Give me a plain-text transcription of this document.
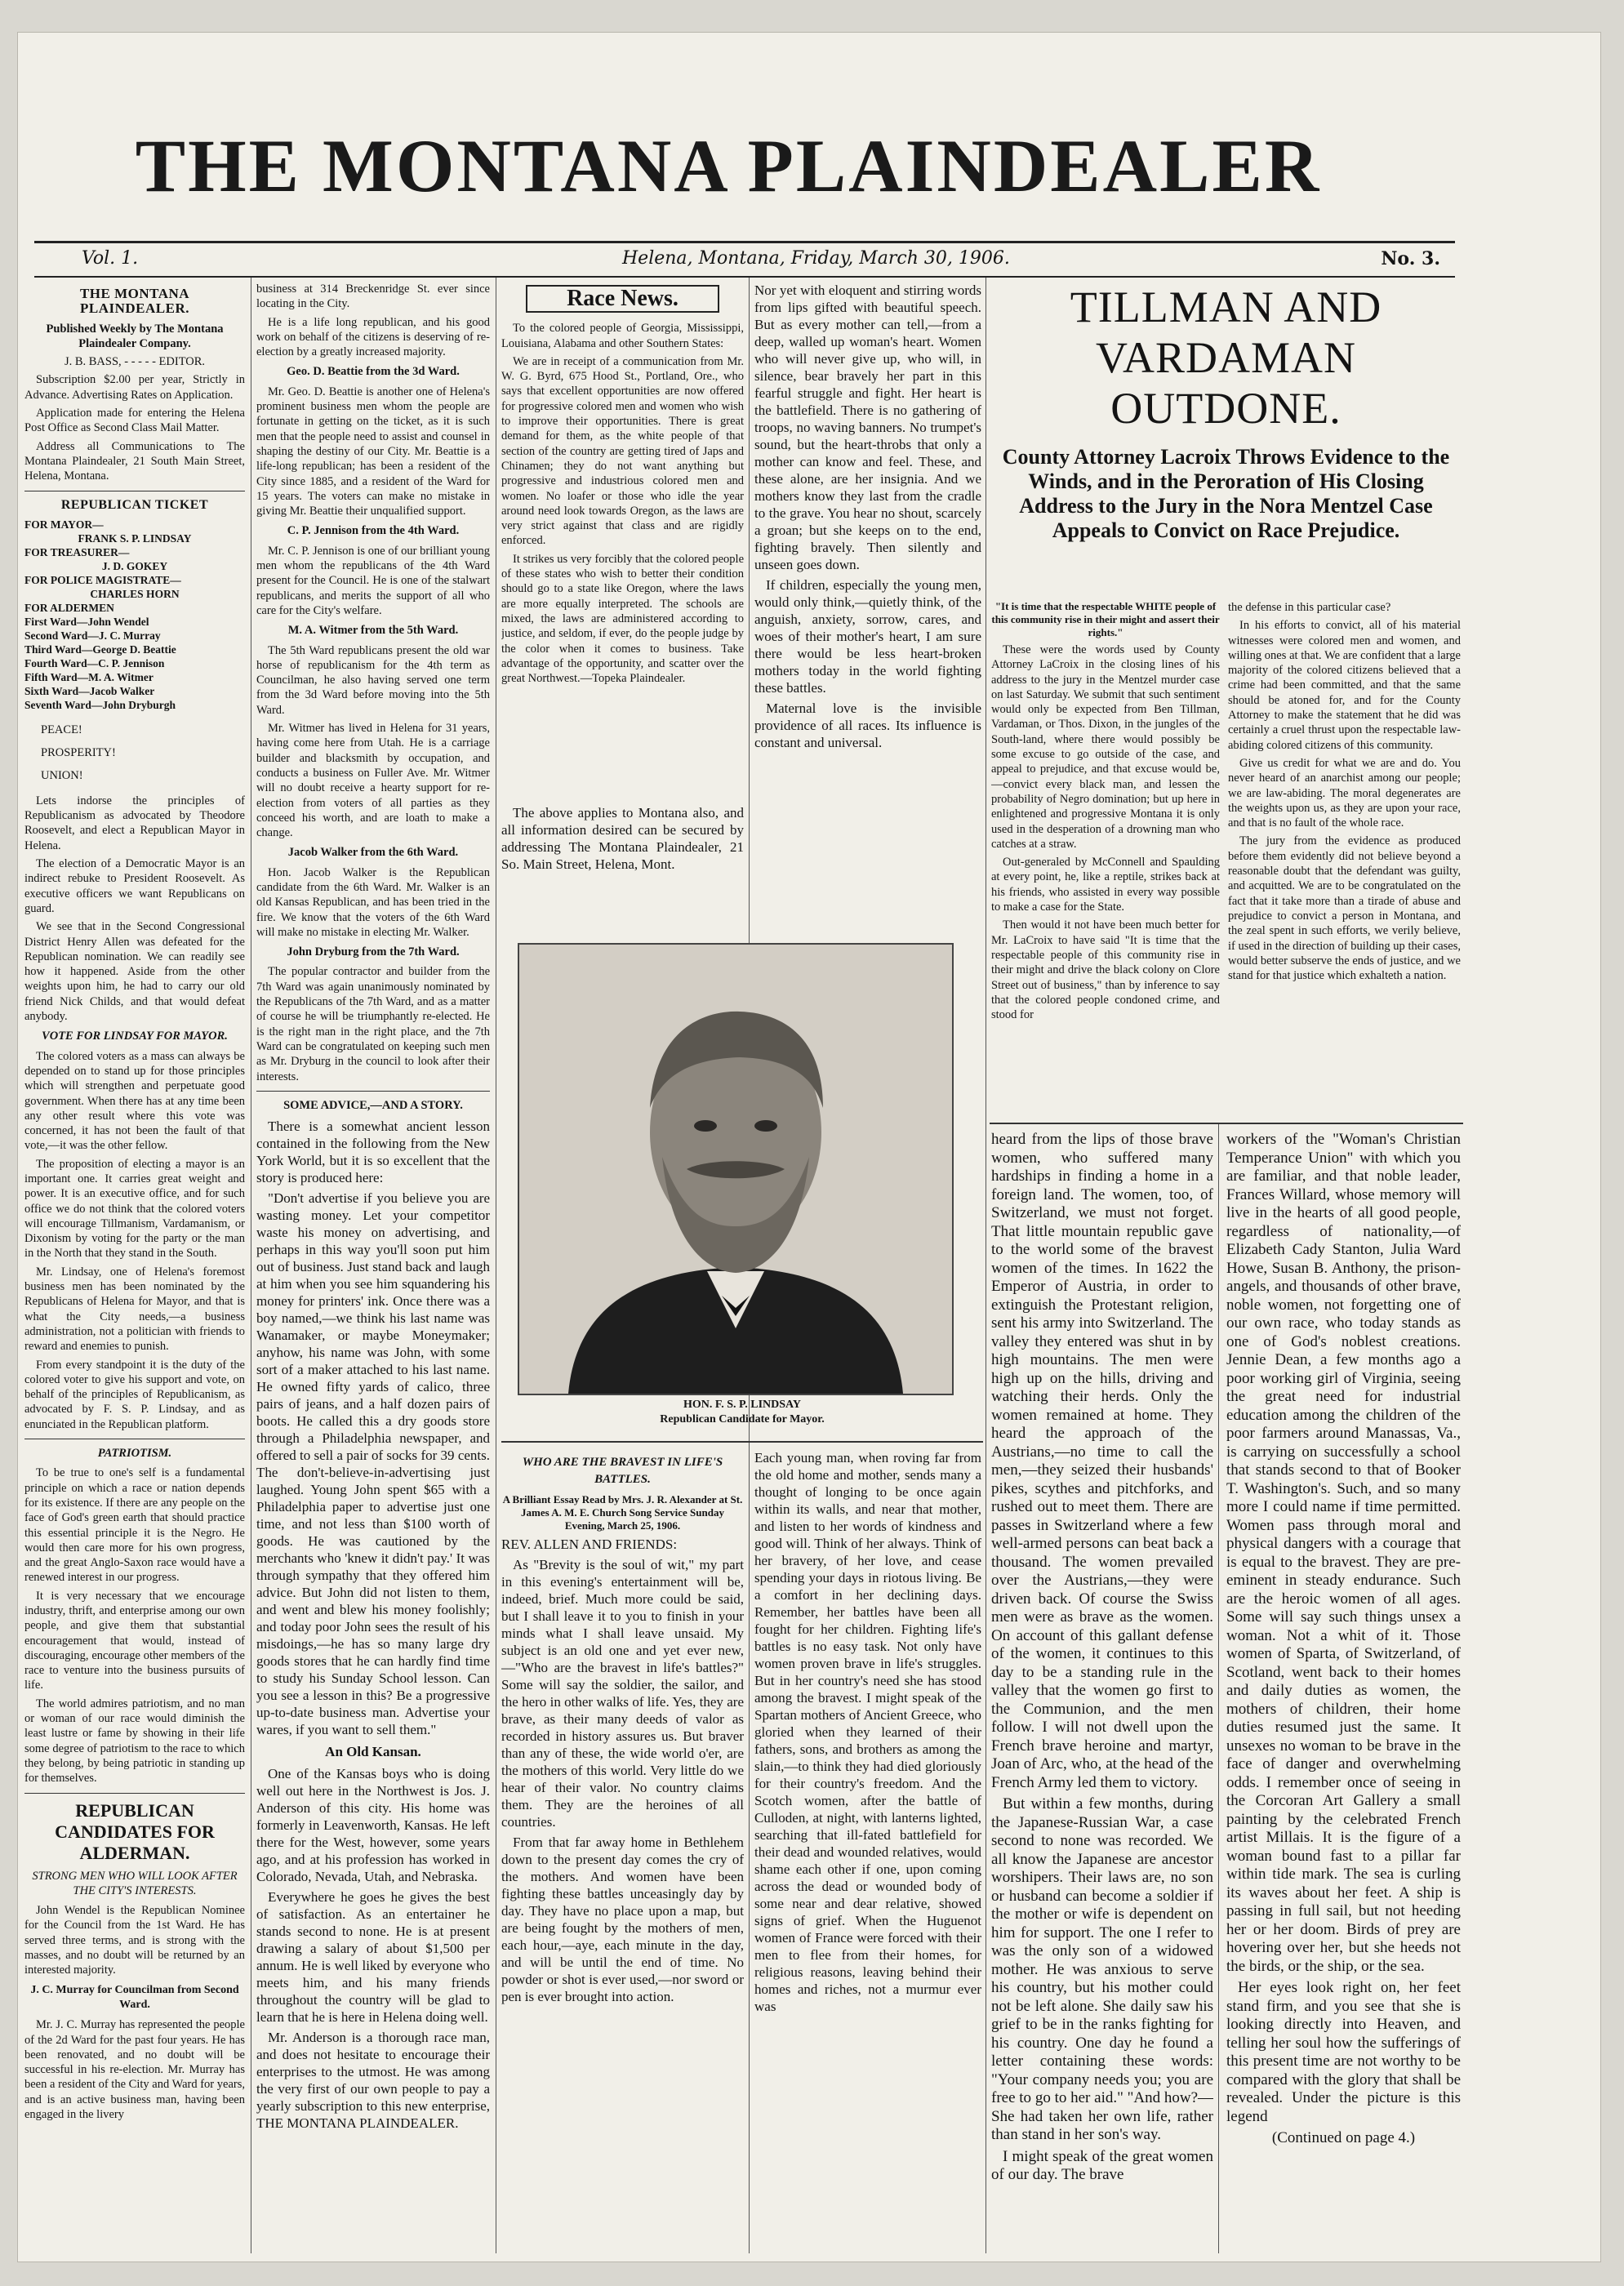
THE MONTANA PLAINDEALER
Vol. 1.	Helena, Montana, Friday, March 30, 1906.	No. 3.
THE MONTANA PLAINDEALER.

Published Weekly by The Montana Plaindealer Company.

J. B. BASS, - - - - - EDITOR.

Subscription $2.00 per year, Strictly in Advance. Advertising Rates on Application.

Application made for entering the Helena Post Office as Second Class Mail Matter.

Address all Communications to The Montana Plaindealer, 21 South Main Street, Helena, Montana.

REPUBLICAN TICKET
FOR MAYOR—
FRANK S. P. LINDSAY
FOR TREASURER—
J. D. GOKEY
FOR POLICE MAGISTRATE—
CHARLES HORN
FOR ALDERMEN
First Ward—John Wendel
Second Ward—J. C. Murray
Third Ward—George D. Beattie
Fourth Ward—C. P. Jennison
Fifth Ward—M. A. Witmer
Sixth Ward—Jacob Walker
Seventh Ward—John Dryburgh
PEACE!
PROSPERITY!
UNION!

Lets indorse the principles of Republicanism as advocated by Theodore Roosevelt, and elect a Republican Mayor in Helena.

The election of a Democratic Mayor is an indirect rebuke to President Roosevelt. As executive officers we want Republicans on guard.

We see that in the Second Congressional District Henry Allen was defeated for the Republican nomination. We can readily see how it happened. Aside from the other weights upon him, he had to carry our old friend Nick Childs, and that would defeat anybody.

VOTE FOR LINDSAY FOR MAYOR.

The colored voters as a mass can always be depended on to stand up for those principles which will strengthen and perpetuate good government. When there has at any time been any other result where this vote was concerned, it has not been the fault of that vote,—it was the other fellow.

The proposition of electing a mayor is an important one. It carries great weight and power. It is an executive office, and for such office we do not think that the colored voters will encourage Tillmanism, Vardamanism, or Dixonism by voting for the party or the man in the North that they stand in the South.

Mr. Lindsay, one of Helena's foremost business men has been nominated by the Republicans of Helena for Mayor, and that is what the City needs,—a business administration, not a politician with friends to reward and enemies to punish.

From every standpoint it is the duty of the colored voter to give his support and vote, on behalf of the principles of Republicanism, as advocated by F. S. P. Lindsay, and as enunciated in the Republican platform.

PATRIOTISM.

To be true to one's self is a fundamental principle on which a race or nation depends for its existence. If there are any people on the face of God's green earth that should practice this essential principle it is the Negro. He would then care more for his own progress, and the great Anglo-Saxon race would have a renewed interest in our progress.

It is very necessary that we encourage industry, thrift, and enterprise among our own people, and give them that substantial encouragement that would, instead of discouraging, encourage other members of the race to venture into the business pursuits of life.

The world admires patriotism, and no man or woman of our race would diminish the least lustre or fame by showing in their life some degree of patriotism to the race to which they belong, by being patriotic in standing up for themselves.

REPUBLICAN CANDIDATES FOR ALDERMAN.
STRONG MEN WHO WILL LOOK AFTER THE CITY'S INTERESTS.

John Wendel is the Republican Nominee for the Council from the 1st Ward. He has served three terms, and is strong with the masses, and no doubt will be returned by an interested majority.

J. C. Murray for Councilman from Second Ward.

Mr. J. C. Murray has represented the people of the 2d Ward for the past four years. He has been renovated, and no doubt will be successful in his re-election. Mr. Murray has been a resident of the City and Ward for years, and is an active business man, having been engaged in the livery

business at 314 Breckenridge St. ever since locating in the City.

He is a life long republican, and his good work on behalf of the citizens is deserving of re-election by a greatly increased majority.

Geo. D. Beattie from the 3d Ward.

Mr. Geo. D. Beattie is another one of Helena's prominent business men whom the people are fortunate in getting on the ticket, as it is such men that the people need to assist and counsel in shaping the destiny of our City. Mr. Beattie is a life-long republican; has been a resident of the City since 1885, and a resident of the Ward for 15 years. The voters can make no mistake in giving Mr. Beattie their unqualified support.

C. P. Jennison from the 4th Ward.

Mr. C. P. Jennison is one of our brilliant young men whom the republicans of the 4th Ward present for the Council. He is one of the stalwart republicans, and merits the support of all who care for the City's welfare.

M. A. Witmer from the 5th Ward.

The 5th Ward republicans present the old war horse of republicanism for the 4th term as Councilman, he also having served one term from the 3d Ward before moving into the 5th Ward.

Mr. Witmer has lived in Helena for 31 years, having come here from Utah. He is a carriage builder and blacksmith by occupation, and conducts a business on Fuller Ave. Mr. Witmer will no doubt receive a hearty support for re-election from voters of all parties as they conceed his worth, and are loath to make a change.

Jacob Walker from the 6th Ward.

Hon. Jacob Walker is the Republican candidate from the 6th Ward. Mr. Walker is an old Kansas Republican, and has been tried in the fire. We know that the voters of the 6th Ward will make no mistake in electing Mr. Walker.

John Dryburg from the 7th Ward.

The popular contractor and builder from the 7th Ward was again unanimously nominated by the Republicans of the 7th Ward, and as a matter of course he will be triumphantly re-elected. He is the right man in the right place, and the 7th Ward can be congratulated on keeping such men as Mr. Dryburg in the council to look after their interests.

SOME ADVICE,—AND A STORY.

There is a somewhat ancient lesson contained in the following from the New York World, but it is so excellent that the story is produced here:

"Don't advertise if you believe you are wasting money. Let your competitor waste his money on advertising, and perhaps in this way you'll soon put him out of business. Just stand back and laugh at him when you see him squandering his money for printers' ink. Once there was a boy named,—we think his last name was Wanamaker, or maybe Moneymaker; anyhow, his name was John, with some sort of a maker attached to his last name. He owned fifty yards of calico, three pairs of jeans, and a half dozen pairs of boots. He called this a dry goods store through a Philadelphia newspaper, and offered to sell a pair of socks for 39 cents. The don't-believe-in-advertising just laughed. Young John spent $65 with a Philadelphia paper to advertise just one time, and not less than $100 worth of goods. He was cautioned by the merchants who 'knew it didn't pay.' It was through sympathy that they offered him advice. But John did not listen to them, and went and blew his money foolishly; and today poor John sees the result of his misdoings,—he has so many large dry goods stores that he can hardly find time to study his Sunday School lesson. Can you see a lesson in this? Be a progressive up-to-date business man. Advertise your wares, if you want to sell them."

An Old Kansan.

One of the Kansas boys who is doing well out here in the Northwest is Jos. J. Anderson of this city. His home was formerly in Leavenworth, Kansas. He left there for the West, however, some years ago, and at his profession has worked in Colorado, Nevada, Utah, and Nebraska.

Everywhere he goes he gives the best of satisfaction. As an entertainer he stands second to none. He is at present drawing a salary of about $1,500 per annum. He is well liked by everyone who meets him, and his many friends throughout the country will be glad to learn that he is here in Helena doing well.

Mr. Anderson is a thorough race man, and does not hesitate to encourage their enterprises to the utmost. He was among the very first of our own people to pay a yearly subscription to this new enterprise, THE MONTANA PLAINDEALER.

Race News.

To the colored people of Georgia, Mississippi, Louisiana, Alabama and other Southern States:

We are in receipt of a communication from Mr. W. G. Byrd, 675 Hood St., Portland, Ore., who says that excellent opportunities are now offered for progressive colored men and women who wish to improve their opportunities. There is great demand for them, as the white people of that section of the country are getting tired of Japs and Chinamen; they do not want anything but progressive and industrious colored men and women. No loafer or those who idle the year around need look towards Oregon, as the laws are very strict against that class and are rigidly enforced.

It strikes us very forcibly that the colored people of these states who wish to better their condition should go to a state like Oregon, where the laws are more equally interpreted. The schools are mixed, the laws are administered according to justice, and seldom, if ever, do the people judge by the color when it comes to business. Take advantage of the opportunity, and scatter over the great Northwest.—Topeka Plaindealer.

Nor yet with eloquent and stirring words from lips gifted with beautiful speech. But as every mother can tell,—from a deep, walled up woman's heart. Women who will never give up, who will, in silence, bear bravely her part in this fearful struggle and fight. Her heart is the battlefield. There is no gathering of troops, no waving banners. No trumpet's sound, but the heart-throbs that only a mother can know and feel. These, and these alone, are her insignia. And we mothers know they last from the cradle to the grave. You hear no shout, scarcely a groan; but she keeps on to the end, fighting bravely. Then silently and unseen goes down.

If children, especially the young men, would only think,—quietly think, of the anguish, anxiety, sorrow, cares, and woes of their mother's heart, I am sure there would be less heart-broken mothers today in the world fighting these battles.

Maternal love is the invisible providence of all races. Its influence is constant and universal.

The above applies to Montana also, and all information desired can be secured by addressing The Montana Plaindealer, 21 So. Main Street, Helena, Mont.

HON. F. S. P. LINDSAY
Republican Candidate for Mayor.
WHO ARE THE BRAVEST IN LIFE'S BATTLES.

A Brilliant Essay Read by Mrs. J. R. Alexander at St. James A. M. E. Church Song Service Sunday Evening, March 25, 1906.

REV. ALLEN AND FRIENDS:

As "Brevity is the soul of wit," my part in this evening's entertainment will be, indeed, brief. Much more could be said, but I shall leave it to you to finish in your minds what I shall leave unsaid. My subject is an old one and yet ever new,—"Who are the bravest in life's battles?" Some will say the soldier, the sailor, and the hero in other walks of life. Yes, they are brave, as their many deeds of valor as recorded in history assures us. But braver than any of these, the wide world o'er, are the mothers of this world. Very little do we hear of their valor. No country claims them. They are the heroines of all countries.

From that far away home in Bethlehem down to the present day comes the cry of the mothers. And women have been fighting these battles unceasingly day by day. They have no place upon a map, but are being fought by the mothers of men, each hour,—aye, each minute in the day, and will be until the end of time. No powder or shot is ever used,—nor sword or pen is ever brought into action.

Each young man, when roving far from the old home and mother, sends many a thought of longing to be once again within its walls, and near that mother, and listen to her words of kindness and good will. Think of her always. Think of her bravery, of her love, and cease spending your days in riotous living. Be a comfort in her declining days. Remember, her battles have been all fought for her children. Fighting life's battles is no easy task. Not only have women proven brave in life's struggles. But in her country's need she has stood among the bravest. I might speak of the Spartan mothers of Ancient Greece, who gloried when they learned of their fathers, sons, and brothers as among the slain,—to think they had died gloriously for their country's freedom. And the Scotch women, after the battle of Culloden, at night, with lanterns lighted, searching that ill-fated battlefield for their dead and wounded relatives, would shame each other if one, upon coming across the dead or wounded body of some near and dear relative, showed signs of grief. When the Huguenot women of France were forced with their men to flee from their homes, for religious reasons, leaving behind their homes and riches, not a murmur ever was

TILLMAN AND VARDAMAN OUTDONE.
County Attorney Lacroix Throws Evidence to the Winds, and in the Peroration of His Closing Address to the Jury in the Nora Mentzel Case Appeals to Convict on Race Prejudice.

"It is time that the respectable WHITE people of this community rise in their might and assert their rights."

These were the words used by County Attorney LaCroix in the closing lines of his address to the jury in the Mentzel murder case on last Saturday. We submit that such sentiment would only be expected from Ben Tillman, Vardaman, or Thos. Dixon, in the jungles of the South-land, where there would possibly be some excuse to go outside of the case, and appeal to prejudice, and that excuse would be,—convict every black man, and lessen the probability of Negro domination; but up here in enlightened and progressive Montana it is only used in the desperation of a drowning man who catches at a straw.

Out-generaled by McConnell and Spaulding at every point, he, like a reptile, strikes back at his friends, who assisted in every way possible to make a case for the State.

Then would it not have been much better for Mr. LaCroix to have said "It is time that the respectable people of this community rise in their might and drive the black colony on Clore Street out of business," than by inference to say that the colored people condoned crime, and stood for

the defense in this particular case?

In his efforts to convict, all of his material witnesses were colored men and women, and willing ones at that. We are confident that a large majority of the colored citizens believed that a crime had been committed, and that the same should be atoned for, and for the County Attorney to make the statement that he did was certainly a cruel thrust upon the respectable law-abiding colored citizens of this community.

Give us credit for what we are and do. You never heard of an anarchist among our people; we are law-abiding. The moral degenerates are the weights upon us, as they are upon your race, and that is no fault of the whole race.

The jury from the evidence as produced before them evidently did not believe beyond a reasonable doubt that the defendant was guilty, and acquitted. We are to be congratulated on the fact that it take more than a tirade of abuse and prejudice to convict a person in Montana, and the zeal spent in such efforts, we verily believe, if used in the direction of building up their cases, would better subserve the ends of justice, and we stand for that justice which exhalteth a nation.

heard from the lips of those brave women, who suffered many hardships in finding a home in a foreign land. The women, too, of Switzerland, we must not forget. That little mountain republic gave to the world some of the bravest women of the times. In 1622 the Emperor of Austria, in order to extinguish the Protestant religion, sent his army into Switzerland. The valley they entered was shut in by high mountains. The men were high up on the hills, driving and watching their herds. Only the women remained at home. They heard the approach of the Austrians,—no time to call the men,—they seized their husbands' pikes, scythes and pitchforks, and rushed out to meet them. There are passes in Switzerland where a few well-armed persons can beat back a thousand. The women prevailed over the Austrians,—they were driven back. Of course the Swiss men were as brave as the women. On account of this gallant defense of the women, it continues to this day to be a standing rule in the valley that the women go first to the Communion, and the men follow. I will not dwell upon the French brave heroine and martyr, Joan of Arc, who, at the head of the French Army led them to victory.

But within a few months, during the Japanese-Russian War, a case second to none was recorded. We all know the Japanese are ancestor worshipers. Their laws are, no son or husband can become a soldier if the mother or wife is dependent on him for support. The one I refer to was the only son of a widowed mother. He was anxious to serve his country, but his mother could not be left alone. She daily saw his grief to be in the ranks fighting for his country. One day he found a letter containing these words: "Your company needs you; you are free to go to her aid." "And how?—She had taken her own life, rather than stand in her son's way.

I might speak of the great women of our day. The brave

workers of the "Woman's Christian Temperance Union" with which you are familiar, and that noble leader, Frances Willard, whose memory will live in the hearts of all good people, regardless of nationality,—of Elizabeth Cady Stanton, Julia Ward Howe, Susan B. Anthony, the prison-angels, and thousands of other brave, noble women, not forgetting one of our own race, who today stands as one of God's noblest creations. Jennie Dean, a few months ago a poor working girl of Virginia, seeing the great need for industrial education among the children of the poor farmers around Manassas, Va., is carrying on successfully a school that stands second to that of Booker T. Washington's. Such, and so many more I could name if time permitted. Women pass through moral and physical dangers with a courage that is equal to the bravest. They are pre-eminent in steady endurance. Such are the heroic women of all ages. Some will say such things unsex a woman. Not a whit of it. Those women of Sparta, of Switzerland, of Scotland, went back to their homes and daily duties as women, the mothers of children, their home duties resumed just the same. It unsexes no woman to be brave in the face of danger and overwhelming odds. I remember once of seeing in the Corcoran Art Gallery a small painting by the celebrated French artist Millais. It is the figure of a woman bound fast to a pillar far within tide mark. The sea is curling its waves about her feet. A ship is passing in full sail, but not heeding her or her doom. Birds of prey are hovering over her, but she heeds not the birds, or the ship, or the sea.

Her eyes look right on, her feet stand firm, and you see that she is looking directly into Heaven, and telling her soul how the sufferings of this present time are not worthy to be compared with the glory that shall be revealed. Under the picture is this legend

(Continued on page 4.)
